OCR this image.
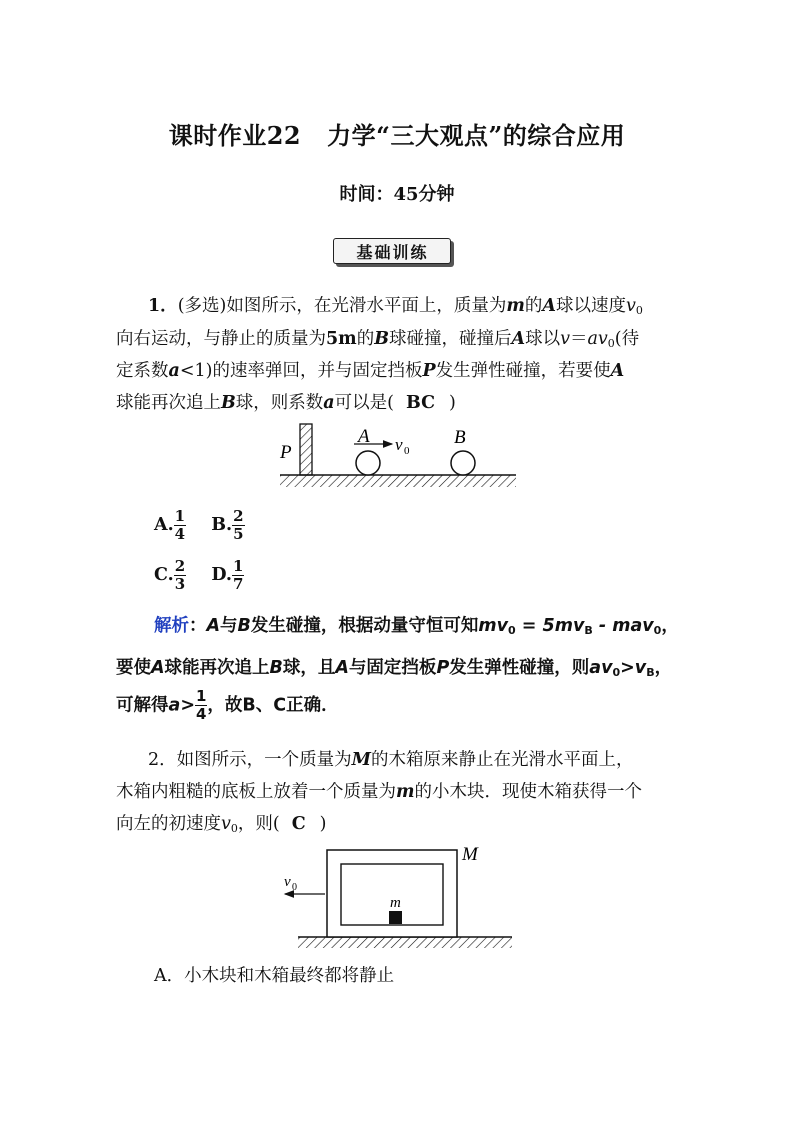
课时作业22 力学“三大观点”的综合应用
时间：45分钟
基础训练
1．(多选)如图所示，在光滑水平面上，质量为m的A球以速度$v_0$
向右运动，与静止的质量为5m的B球碰撞，碰撞后A球以$v=av_0$(待
定系数a<1)的速率弹回，并与固定挡板P发生弹性碰撞，若要使A
球能再次追上B球，则系数a可以是( BC )
P
A v 0
B
A. $\frac{1}{4} B$. $\frac{2}{5}$
C. $\frac{2}{3} D$. $\frac{1}{7}$
解析：A与B发生碰撞，根据动量守恒可知$mv_0 = 5mv_B - mav_0$，
要使A球能再次追上B球，且A与固定挡板P发生弹性碰撞，则$av_0>v_B$，
可解得$a> \frac{1}{4}$ ，故B、C正确．
2．如图所示，一个质量为M的木箱原来静止在光滑水平面上，
木箱内粗糙的底板上放着一个质量为m的小木块．现使木箱获得一个
向左的初速度$v_0$，则( C )
M
m
v 0
A．小木块和木箱最终都将静止
